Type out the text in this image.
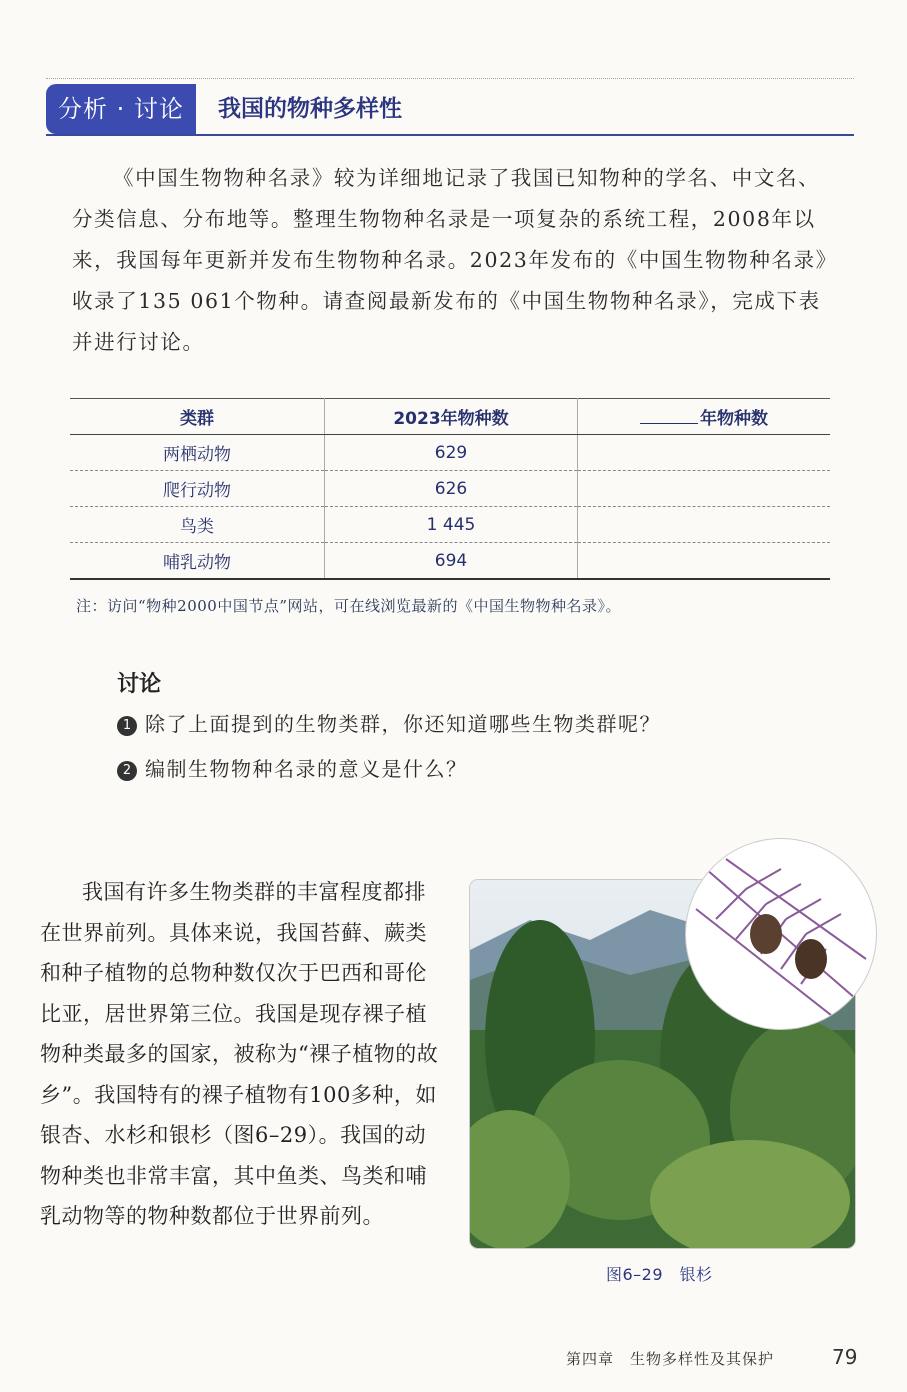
分析 · 讨论	我国的物种多样性

《中国生物物种名录》较为详细地记录了我国已知物种的学名、中文名、分类信息、分布地等。整理生物物种名录是一项复杂的系统工程，2008年以来，我国每年更新并发布生物物种名录。2023年发布的《中国生物物种名录》收录了135 061个物种。请查阅最新发布的《中国生物物种名录》，完成下表并进行讨论。

类群	2023年物种数	年物种数
两栖动物	629	
爬行动物	626	
鸟类	1 445	
哺乳动物	694	
注：访问“物种2000中国节点”网站，可在线浏览最新的《中国生物物种名录》。
讨论
1 除了上面提到的生物类群，你还知道哪些生物类群呢？
2 编制生物物种名录的意义是什么？

我国有许多生物类群的丰富程度都排在世界前列。具体来说，我国苔藓、蕨类和种子植物的总物种数仅次于巴西和哥伦比亚，居世界第三位。我国是现存裸子植物种类最多的国家，被称为“裸子植物的故乡”。我国特有的裸子植物有100多种，如银杏、水杉和银杉（图6–29）。我国的动物种类也非常丰富，其中鱼类、鸟类和哺乳动物等的物种数都位于世界前列。

图6–29　银杉
第四章　生物多样性及其保护	79
